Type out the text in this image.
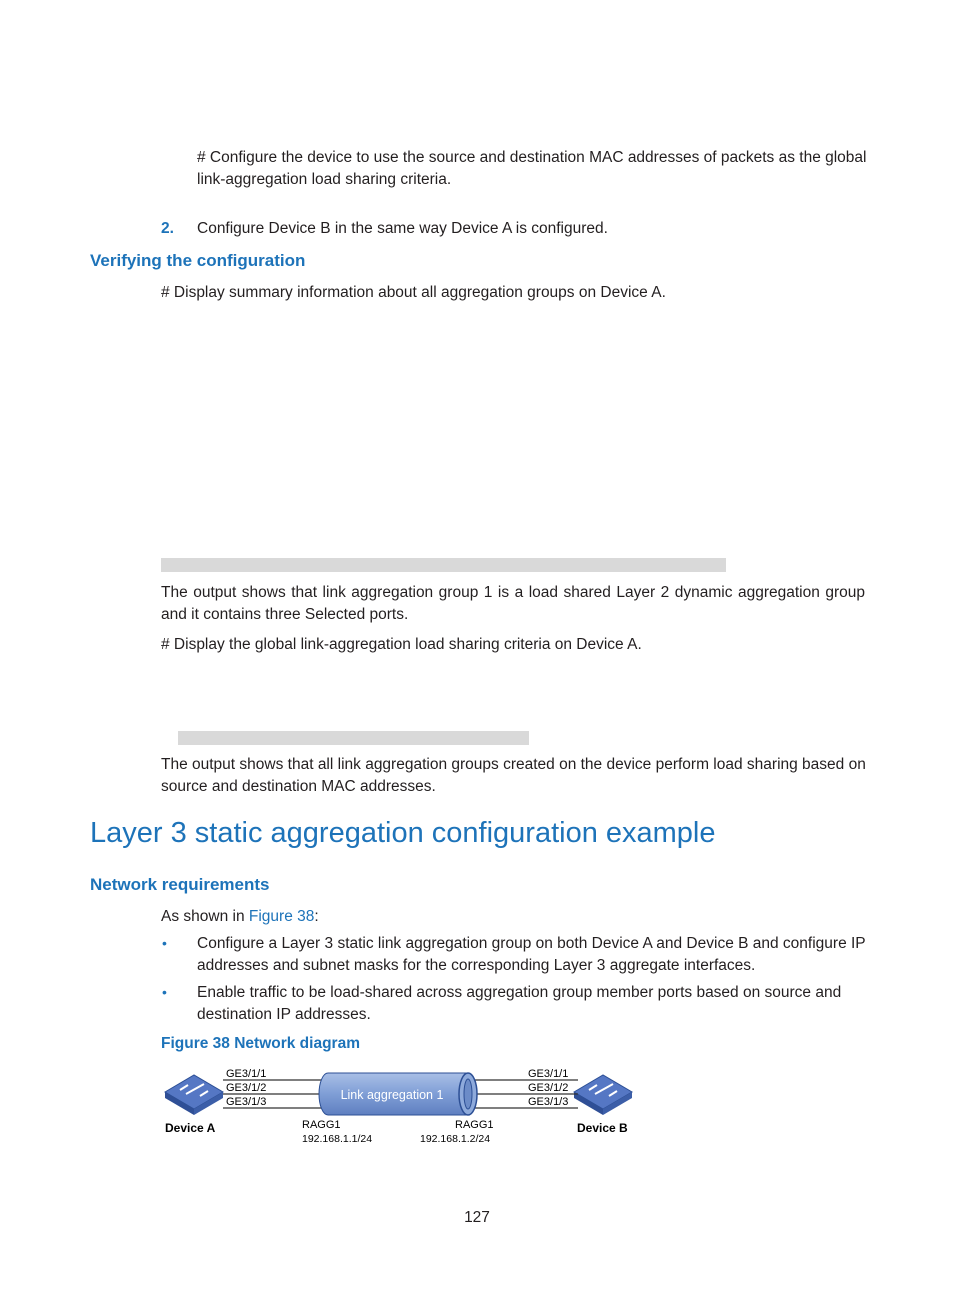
# Configure the device to use the source and destination MAC addresses of packets as the global link-aggregation load sharing criteria.
2. Configure Device B in the same way Device A is configured.
Verifying the configuration
# Display summary information about all aggregation groups on Device A.
The output shows that link aggregation group 1 is a load shared Layer 2 dynamic aggregation group and it contains three Selected ports.
# Display the global link-aggregation load sharing criteria on Device A.
The output shows that all link aggregation groups created on the device perform load sharing based on source and destination MAC addresses.
Layer 3 static aggregation configuration example
Network requirements
As shown in Figure 38:
• Configure a Layer 3 static link aggregation group on both Device A and Device B and configure IP addresses and subnet masks for the corresponding Layer 3 aggregate interfaces.
• Enable traffic to be load-shared across aggregation group member ports based on source and destination IP addresses.
Figure 38 Network diagram
Link aggregation 1
GE3/1/1
GE3/1/2
GE3/1/3
GE3/1/1
GE3/1/2
GE3/1/3
Device A	Device B
RAGG1
192.168.1.1/24
RAGG1
192.168.1.2/24
127
